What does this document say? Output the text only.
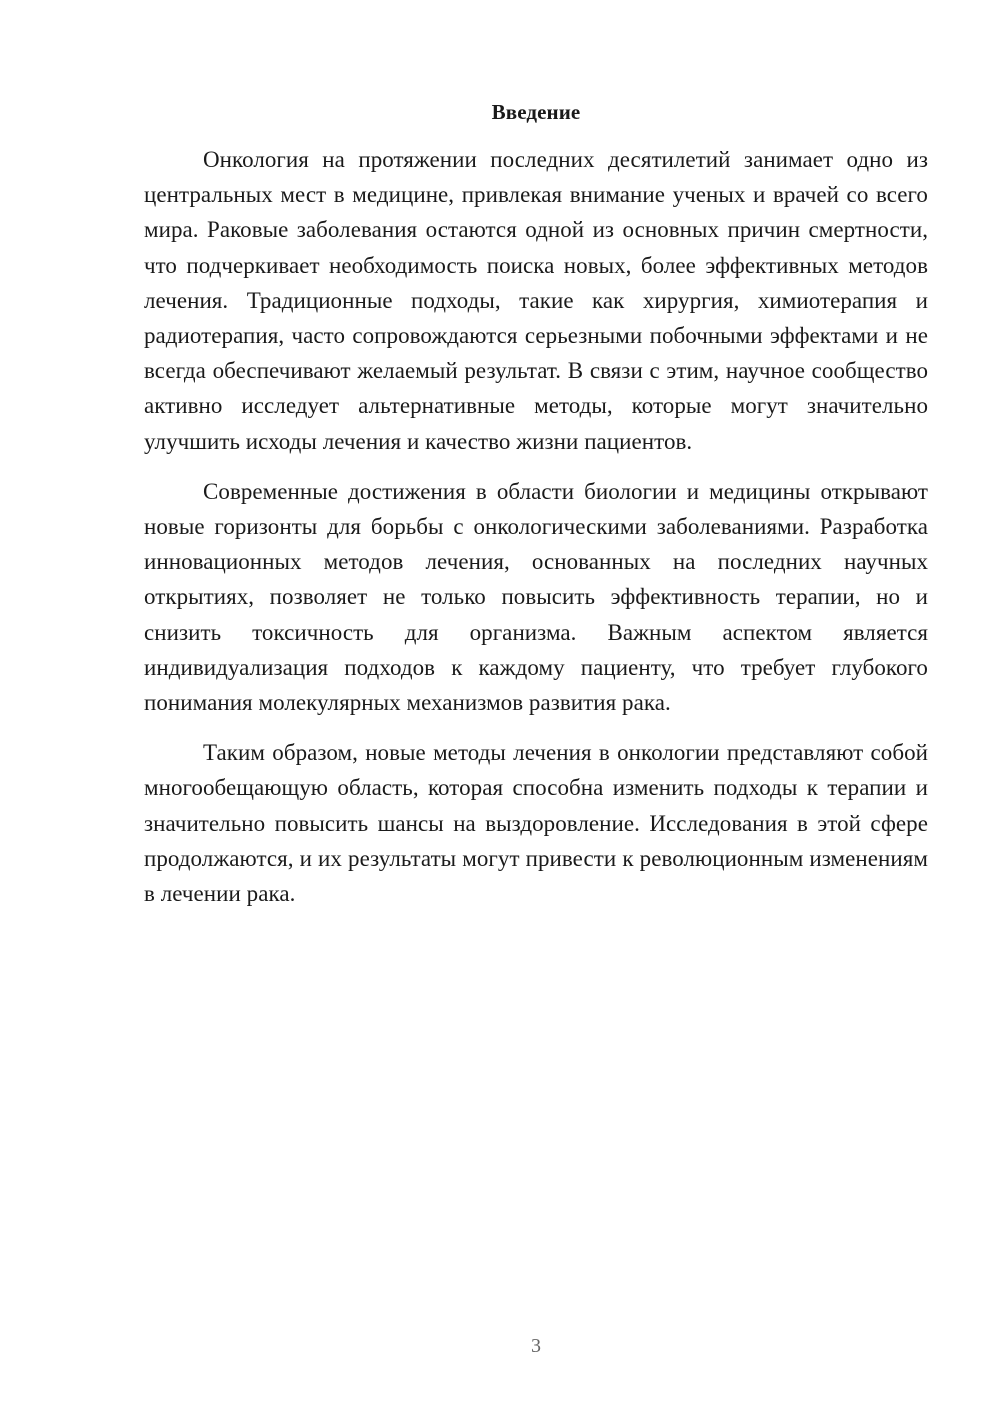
Введение

Онкология на протяжении последних десятилетий занимает одно из центральных мест в медицине, привлекая внимание ученых и врачей со всего мира. Раковые заболевания остаются одной из основных причин смертности, что подчеркивает необходимость поиска новых, более эффективных методов лечения. Традиционные подходы, такие как хирургия, химиотерапия и радиотерапия, часто сопровождаются серьезными побочными эффектами и не всегда обеспечивают желаемый результат. В связи с этим, научное сообщество активно исследует альтернативные методы, которые могут значительно улучшить исходы лечения и качество жизни пациентов.

Современные достижения в области биологии и медицины открывают новые горизонты для борьбы с онкологическими заболеваниями. Разработка инновационных методов лечения, основанных на последних научных открытиях, позволяет не только повысить эффективность терапии, но и снизить токсичность для организма. Важным аспектом является индивидуализация подходов к каждому пациенту, что требует глубокого понимания молекулярных механизмов развития рака.

Таким образом, новые методы лечения в онкологии представляют собой многообещающую область, которая способна изменить подходы к терапии и значительно повысить шансы на выздоровление. Исследования в этой сфере продолжаются, и их результаты могут привести к революционным изменениям в лечении рака.

3
